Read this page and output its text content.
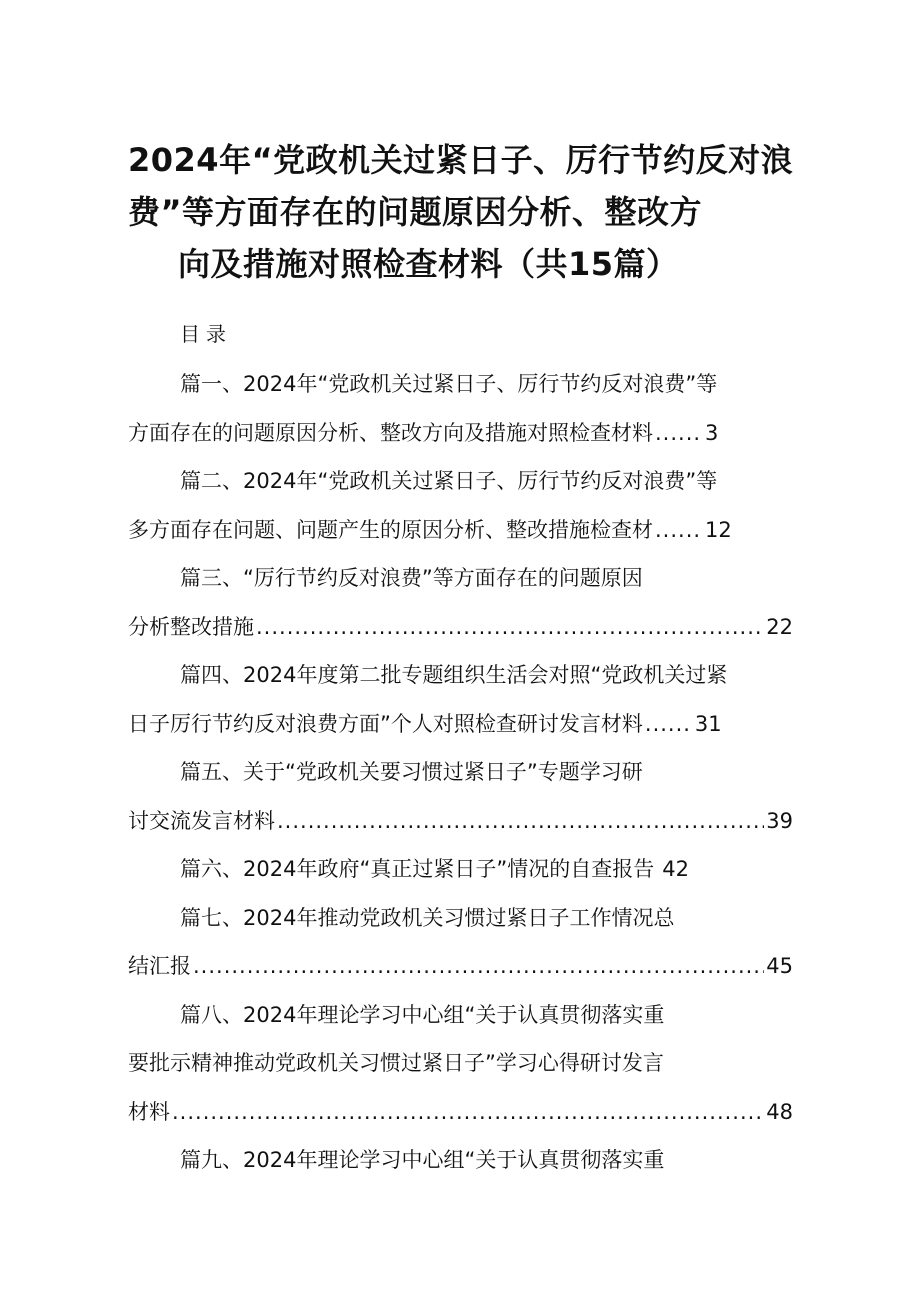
2024年“党政机关过紧日子、厉行节约反对浪
费”等方面存在的问题原因分析、整改方
向及措施对照检查材料（共15篇）
目录
篇一、2024年“党政机关过紧日子、厉行节约反对浪费”等
方面存在的问题原因分析、整改方向及措施对照检查材料 ..... 3
篇二、2024年“党政机关过紧日子、厉行节约反对浪费”等
多方面存在问题、问题产生的原因分析、整改措施检查材 ..... 12
篇三、“厉行节约反对浪费”等方面存在的问题原因
分析整改措施 .....	22
篇四、2024年度第二批专题组织生活会对照“党政机关过紧
日子厉行节约反对浪费方面”个人对照检查研讨发言材料 ..... 31
篇五、关于“党政机关要习惯过紧日子”专题学习研
讨交流发言材料 .....	39
篇六、2024年政府“真正过紧日子”情况的自查报告 42
篇七、2024年推动党政机关习惯过紧日子工作情况总
结汇报 .....	45
篇八、2024年理论学习中心组“关于认真贯彻落实重
要批示精神推动党政机关习惯过紧日子”学习心得研讨发言
材料 .....	48
篇九、2024年理论学习中心组“关于认真贯彻落实重
